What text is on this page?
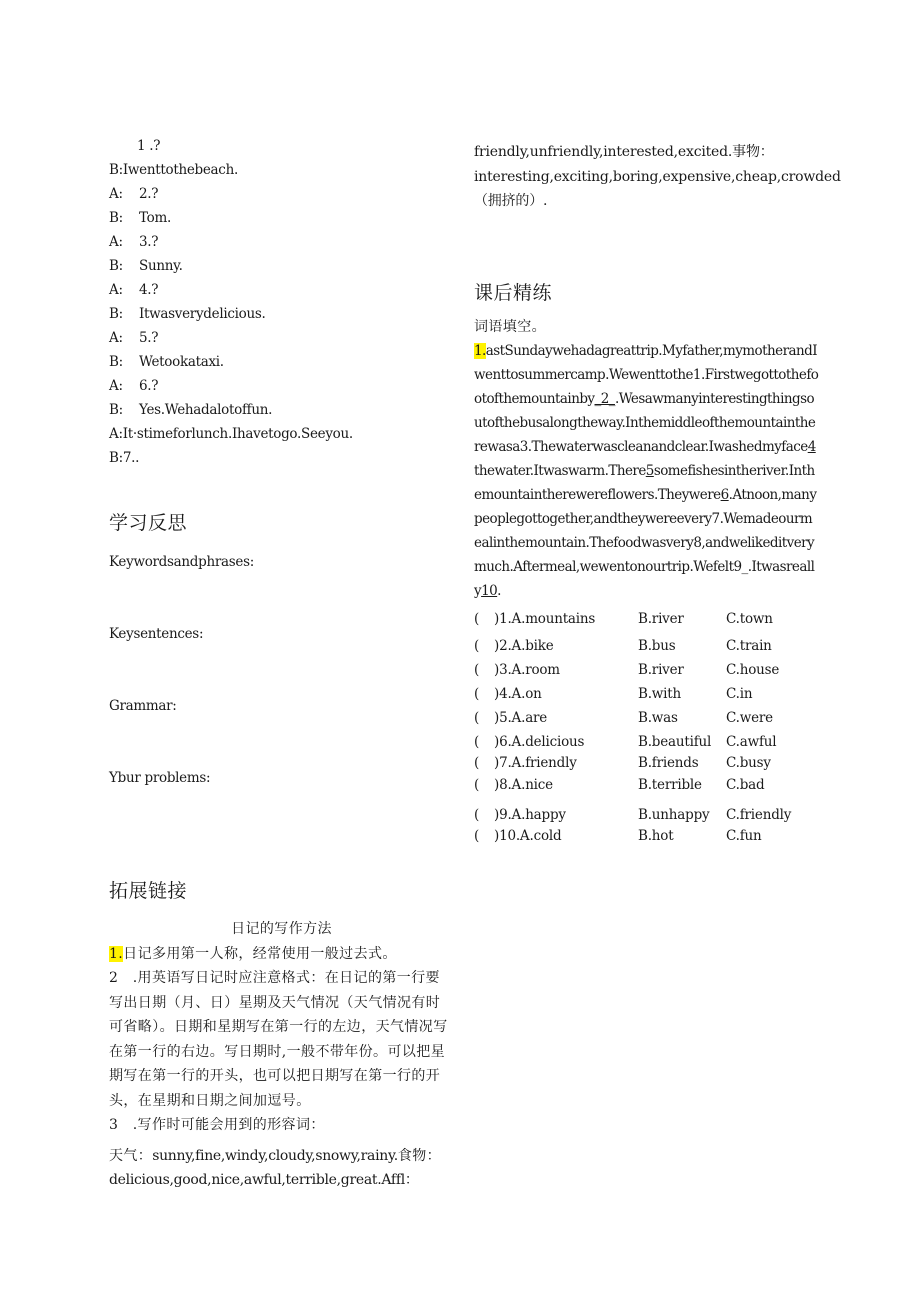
1 .?
B:Iwenttothebeach.
A: 2.?
B: Tom.
A: 3.?
B: Sunny.
A: 4.?
B: Itwasverydelicious.
A: 5.?
B: Wetookataxi.
A: 6.?
B: Yes.Wehadalotoffun.
A:It·stimeforlunch.Ihavetogo.Seeyou.
B:7..
学习反思
Keywordsandphrases:
Keysentences:
Grammar:
Ybur problems:
拓展链接
日记的写作方法
1.日记多用第一人称，经常使用一般过去式。
2　.用英语写日记时应注意格式：在日记的第一行要写出日期（月、日）星期及天气情况（天气情况有时可省略）。日期和星期写在第一行的左边，天气情况写在第一行的右边。写日期时,一般不带年份。可以把星期写在第一行的开头，也可以把日期写在第一行的开头，在星期和日期之间加逗号。
3　.写作时可能会用到的形容词：
天气：sunny,fine,windy,cloudy,snowy,rainy.食物：
delicious,good,nice,awful,terrible,great.Affl：
friendly,unfriendly,interested,excited.事物：
interesting,exciting,boring,expensive,cheap,crowded（拥挤的）.
课后精练
词语填空。
1.astSundaywehadagreattrip.Myfather,mymotherandIwenttosummercamp.Wewenttothe1.Firstwegottothefootofthemountainby_2_.Wesawmanyinterestingthingsoutofthebusalongtheway.Inthemiddleofthemountaintherewasa3.Thewaterwascleanandclear.Iwashedmyface4thewater.Itwaswarm.There5somefishesintheriver.Inthemountaintherewereflowers.Theywere6.Atnoon,manypeoplegottogether,andtheywereevery7.Wemadeourmealinthemountain.Thefoodwasvery8,andwelikeditverymuch.Aftermeal,wewentonourtrip.Wefelt9_.Itwasreally10.
(	)1.A.mountains	B.river	C.town
(	)2.A.bike	B.bus	C.train
(	)3.A.room	B.river	C.house
(	)4.A.on	B.with	C.in
(	)5.A.are	B.was	C.were
(	)6.A.delicious	B.beautiful	C.awful
(	)7.A.friendly	B.friends	C.busy
(	)8.A.nice	B.terrible	C.bad
(	)9.A.happy	B.unhappy	C.friendly
(	)10.A.cold	B.hot	C.fun
